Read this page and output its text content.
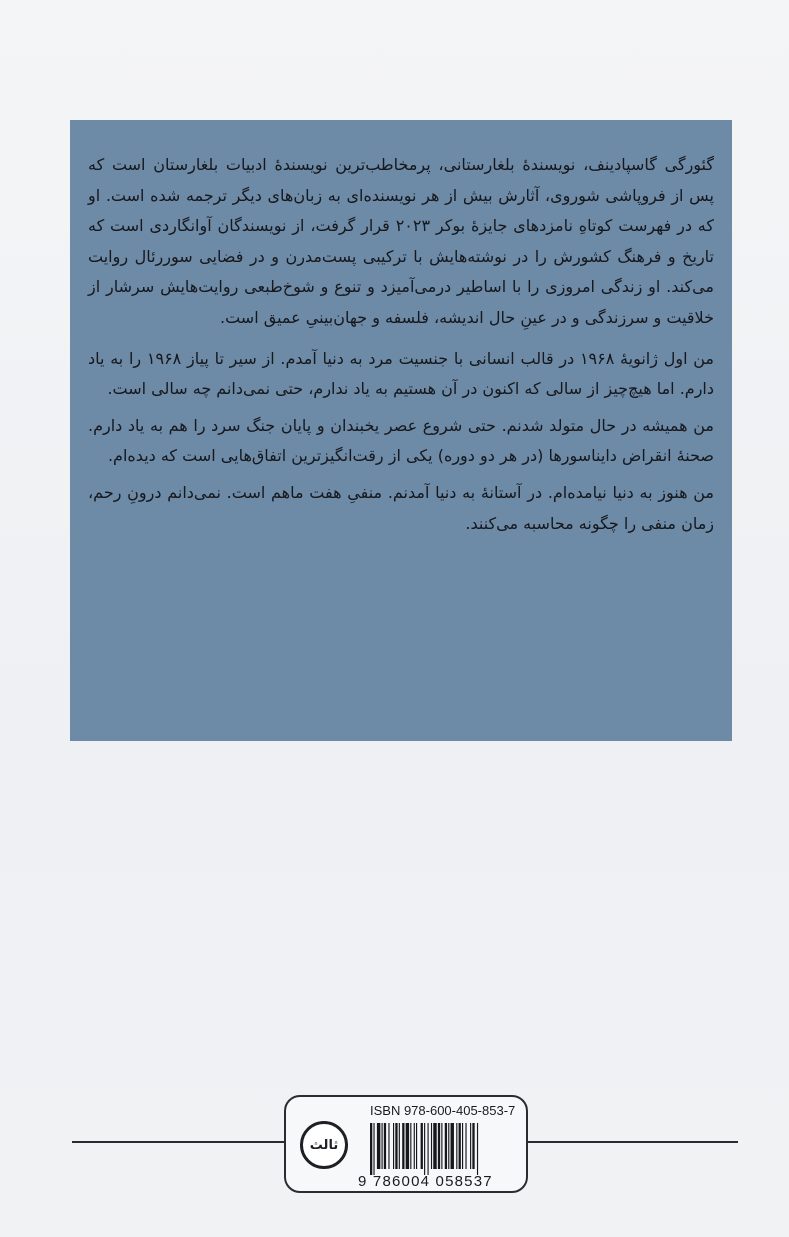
گئورگی گاسپادینف، نویسندهٔ بلغارستانی، پرمخاطب‌ترین نویسندهٔ ادبیات بلغارستان است که پس از فروپاشی شوروی، آثارش بیش از هر نویسنده‌ای به زبان‌های دیگر ترجمه شده است. او که در فهرست کوتاهِ نامزدهای جایزهٔ بوکر ۲۰۲۳ قرار گرفت، از نویسندگان آوانگاردی است که تاریخ و فرهنگ کشورش را در نوشته‌هایش با ترکیبی پست‌مدرن و در فضایی سوررئال روایت می‌کند. او زندگی امروزی را با اساطیر درمی‌آمیزد و تنوع و شوخ‌طبعی روایت‌هایش سرشار از خلاقیت و سرزندگی و در عینِ حال اندیشه، فلسفه و جهان‌بینیِ عمیق است.

من اول ژانویهٔ ۱۹۶۸ در قالب انسانی با جنسیت مرد به دنیا آمدم. از سیر تا پیاز ۱۹۶۸ را به یاد دارم. اما هیچ‌چیز از سالی که اکنون در آن هستیم به یاد ندارم، حتی نمی‌دانم چه سالی است.

من همیشه در حال متولد شدنم. حتی شروع عصر یخبندان و پایان جنگ سرد را هم به یاد دارم. صحنهٔ انقراض دایناسورها (در هر دو دوره) یکی از رقت‌انگیزترین اتفاق‌هایی است که دیده‌ام.

من هنوز به دنیا نیامده‌ام. در آستانهٔ به دنیا آمدنم. منفیِ هفت ماهم است. نمی‌دانم درونِ رحم، زمان منفی را چگونه محاسبه می‌کنند.

ثالث
ISBN 978-600-405-853-7
9 786004 058537
